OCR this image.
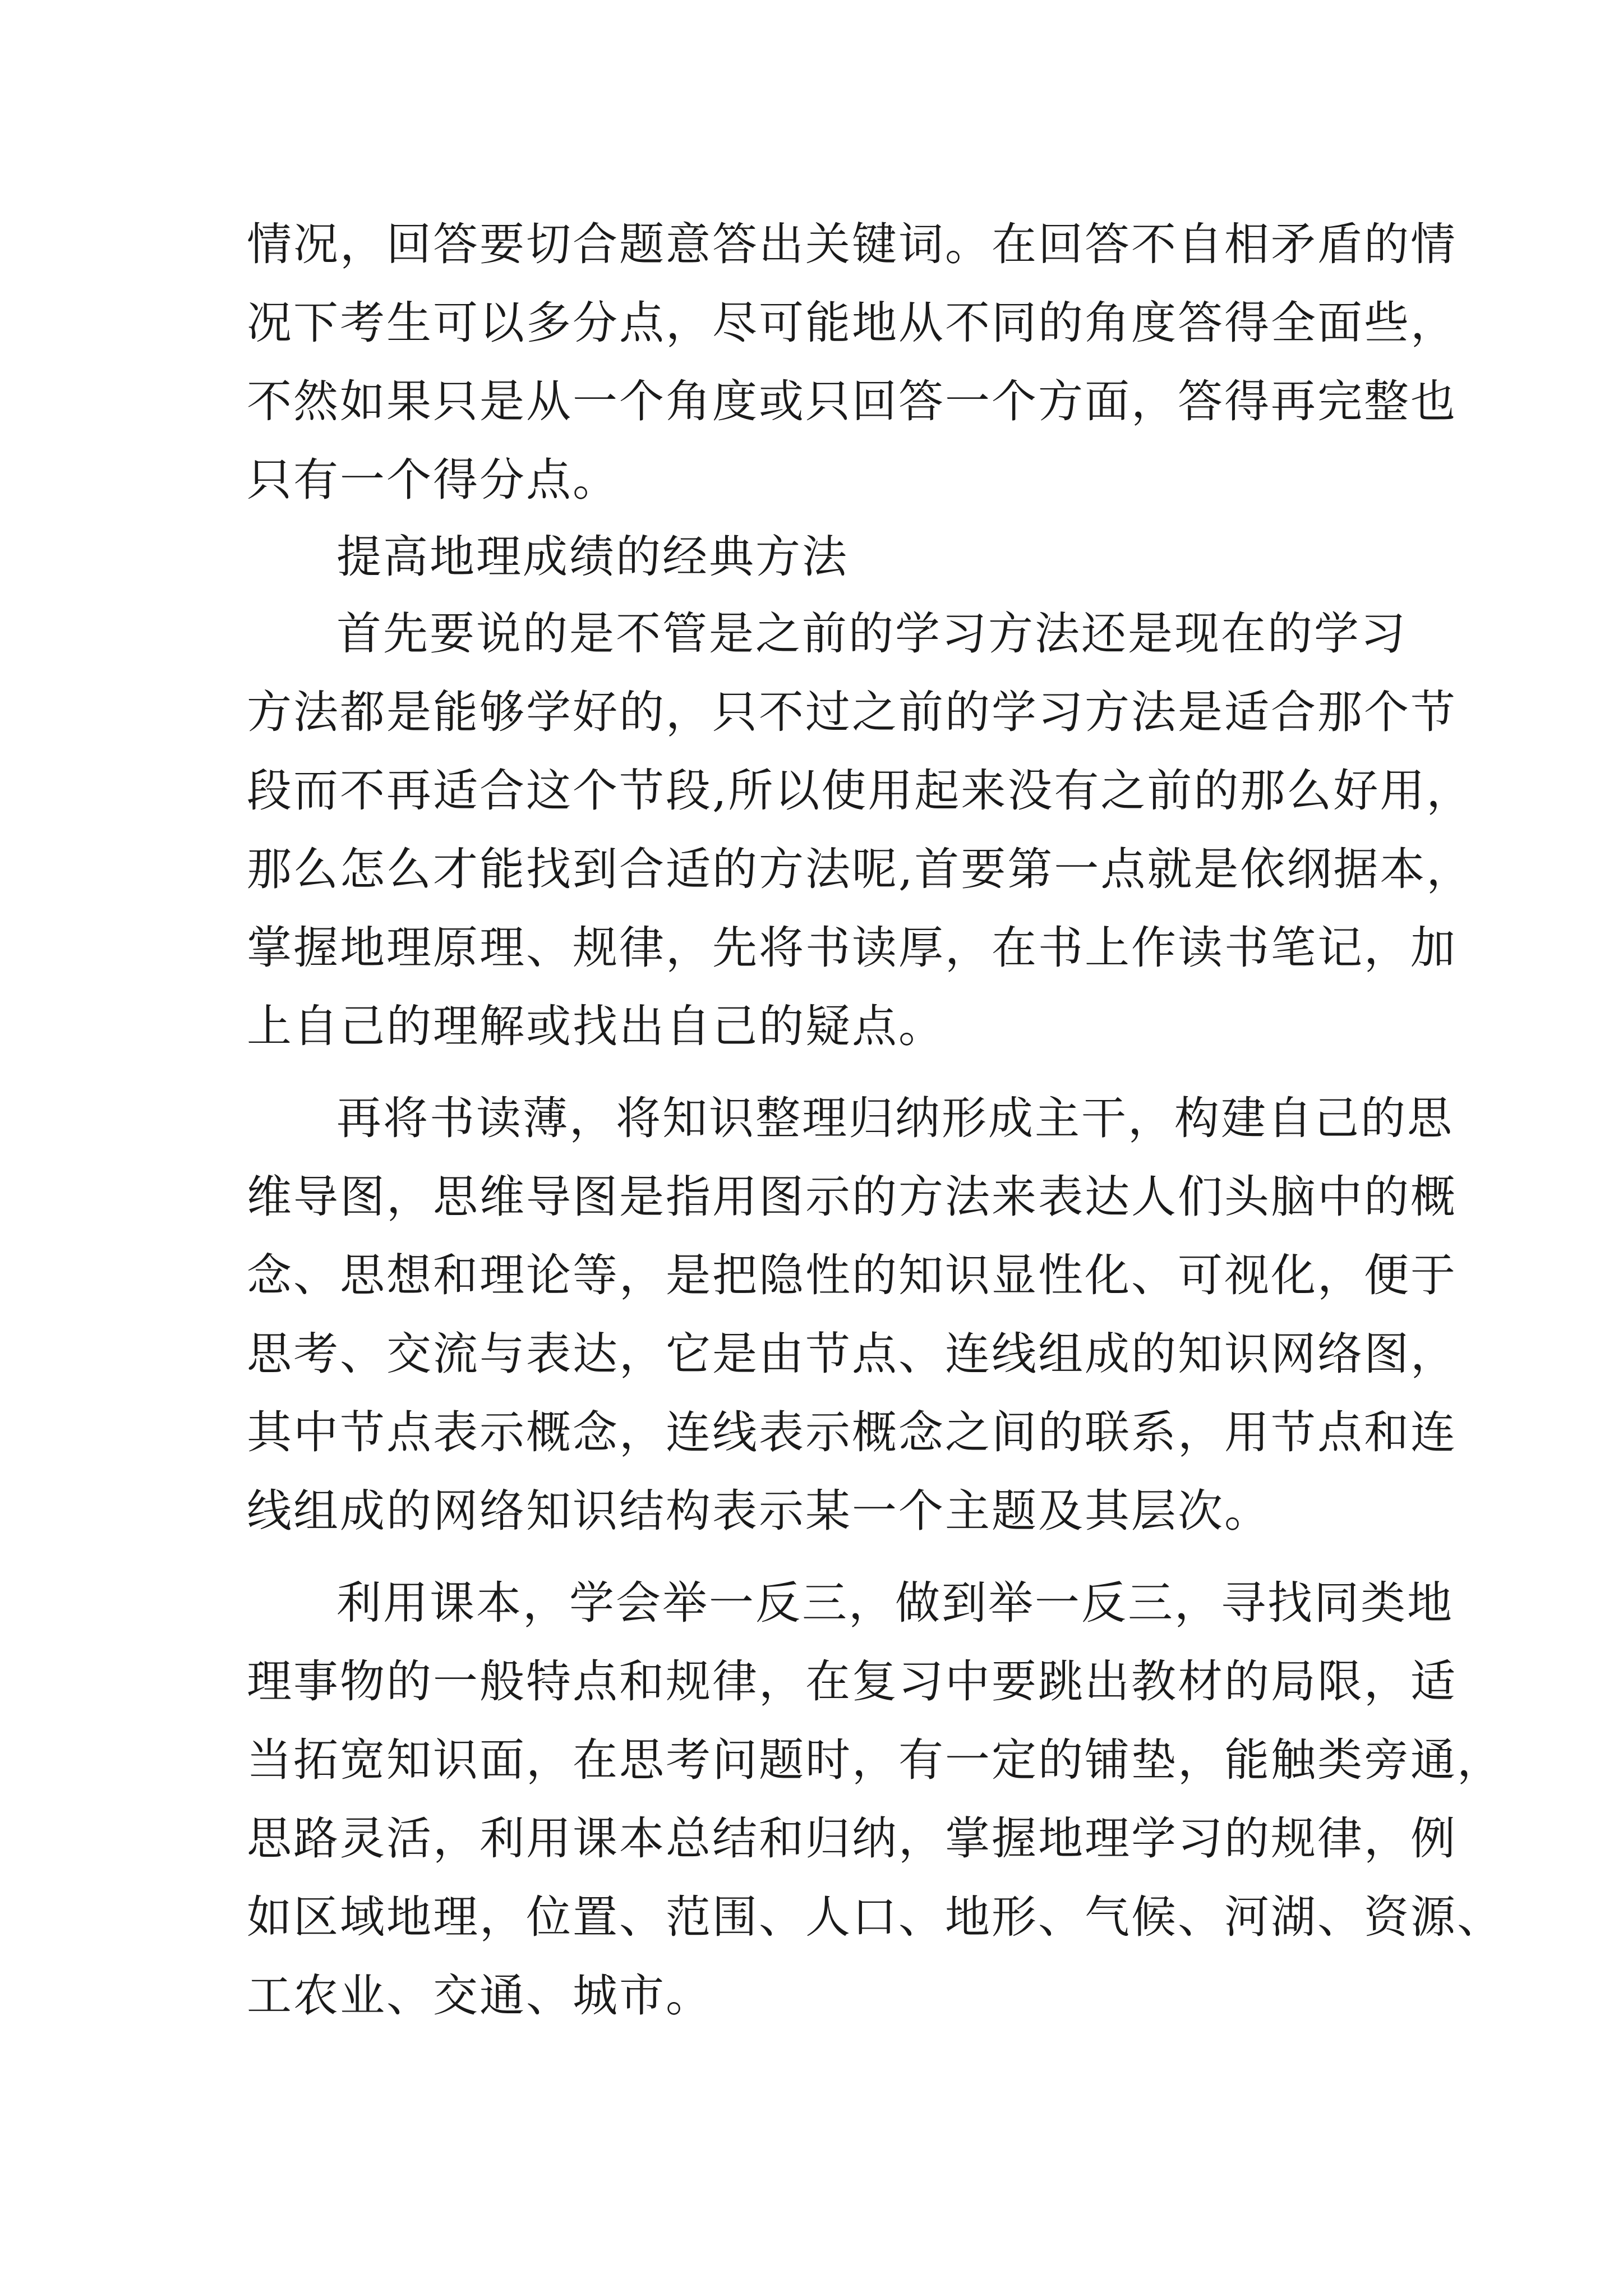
情况，回答要切合题意答出关键词。在回答不自相矛盾的情
况下考生可以多分点，尽可能地从不同的角度答得全面些，
不然如果只是从一个角度或只回答一个方面，答得再完整也
只有一个得分点。
提高地理成绩的经典方法
首先要说的是不管是之前的学习方法还是现在的学习
方法都是能够学好的，只不过之前的学习方法是适合那个节
段而不再适合这个节段,所以使用起来没有之前的那么好用，
那么怎么才能找到合适的方法呢,首要第一点就是依纲据本，
掌握地理原理、规律，先将书读厚，在书上作读书笔记，加
上自己的理解或找出自己的疑点。
再将书读薄，将知识整理归纳形成主干，构建自己的思
维导图，思维导图是指用图示的方法来表达人们头脑中的概
念、思想和理论等，是把隐性的知识显性化、可视化，便于
思考、交流与表达，它是由节点、连线组成的知识网络图，
其中节点表示概念，连线表示概念之间的联系，用节点和连
线组成的网络知识结构表示某一个主题及其层次。
利用课本，学会举一反三，做到举一反三，寻找同类地
理事物的一般特点和规律，在复习中要跳出教材的局限，适
当拓宽知识面，在思考问题时，有一定的铺垫，能触类旁通，
思路灵活，利用课本总结和归纳，掌握地理学习的规律，例
如区域地理，位置、范围、人口、地形、气候、河湖、资源、
工农业、交通、城市。
